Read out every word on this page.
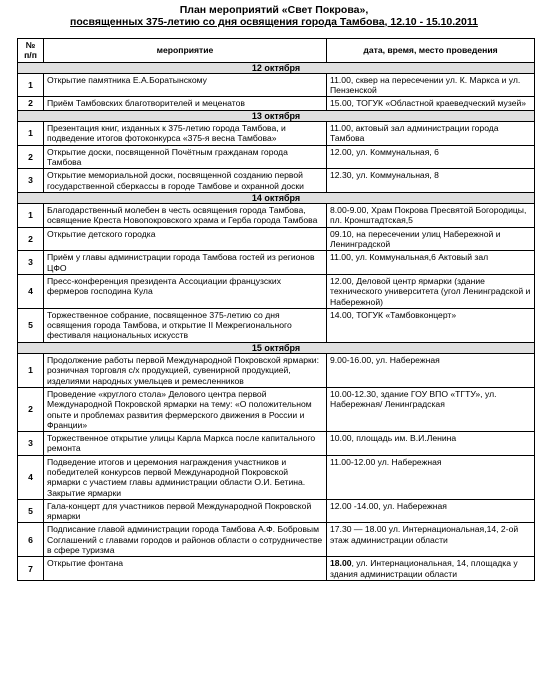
План мероприятий «Свет Покрова»,
посвященных 375-летию со дня освящения города Тамбова, 12.10 - 15.10.2011
№ п/п	мероприятие	дата, время, место проведения
12 октября		
1	Открытие памятника Е.А.Боратынскому	11.00, сквер на пересечении ул. К. Маркса и ул. Пензенской
2	Приём Тамбовских благотворителей и меценатов	15.00, ТОГУК «Областной краеведческий музей»
13 октября		
1	Презентация книг, изданных к 375-летию города Тамбова, и подведение итогов фотоконкурса «375-я весна Тамбова»	11.00, актовый зал администрации города Тамбова
2	Открытие доски, посвященной Почётным гражданам города Тамбова	12.00, ул. Коммунальная, 6
3	Открытие мемориальной доски, посвященной созданию первой государственной сберкассы в городе Тамбове и охранной доски	12.30, ул. Коммунальная, 8
14 октября		
1	Благодарственный молебен в честь освящения города Тамбова, освящение Креста Новопокровского храма и Герба города Тамбова	8.00-9.00, Храм Покрова Пресвятой Богородицы, пл. Кронштадтская,5
2	Открытие детского городка	09.10, на пересечении улиц Набережной и Ленинградской
3	Приём у главы администрации города Тамбова гостей из регионов ЦФО	11.00, ул. Коммунальная,6 Актовый зал
4	Пресс-конференция президента Ассоциации французских фермеров господина Кула	12.00, Деловой центр ярмарки (здание технического университета (угол Ленинградской и Набережной)
5	Торжественное собрание, посвященное 375-летию со дня освящения города Тамбова, и открытие II Межрегионального фестиваля национальных искусств	14.00, ТОГУК «Тамбовконцерт»
15 октября		
1	Продолжение работы первой Международной Покровской ярмарки: розничная торговля с/х продукцией, сувенирной продукцией, изделиями народных умельцев и ремесленников	9.00-16.00, ул. Набережная
2	Проведение «круглого стола» Делового центра первой Международной Покровской ярмарки на тему: «О положительном опыте и проблемах развития фермерского движения в России и Франции»	10.00-12.30, здание ГОУ ВПО «ТГТУ», ул. Набережная/ Ленинградская
3	Торжественное открытие улицы Карла Маркса после капитального ремонта	10.00, площадь им. В.И.Ленина
4	Подведение итогов и церемония награждения участников и победителей конкурсов первой Международной Покровской ярмарки с участием главы администрации области О.И. Бетина. Закрытие ярмарки	11.00-12.00 ул. Набережная
5	Гала-концерт для участников первой Международной Покровской ярмарки	12.00 -14.00, ул. Набережная
6	Подписание главой администрации города Тамбова А.Ф. Бобровым Соглашений с главами городов и районов области о сотрудничестве в сфере туризма	17.30 — 18.00 ул. Интернациональная,14, 2-ой этаж администрации области
7	Открытие фонтана	18.00, ул. Интернациональная, 14, площадка у здания администрации области
